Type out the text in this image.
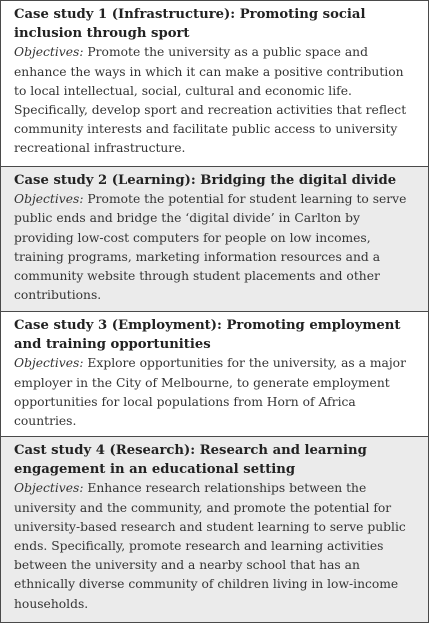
Case study 1 (Infrastructure): Promoting social inclusion through sport

Objectives: Promote the university as a public space and enhance the ways in which it can make a positive contribution to local intellectual, social, cultural and economic life. Specifically, develop sport and recreation activities that reflect community interests and facilitate public access to university recreational infrastructure.

Case study 2 (Learning): Bridging the digital divide

Objectives: Promote the potential for student learning to serve public ends and bridge the ‘digital divide’ in Carlton by providing low-cost computers for people on low incomes, training programs, marketing information resources and a community website through student placements and other contributions.

Case study 3 (Employment): Promoting employment and training opportunities

Objectives: Explore opportunities for the university, as a major employer in the City of Melbourne, to generate employment opportunities for local populations from Horn of Africa countries.

Cast study 4 (Research): Research and learning engagement in an educational setting

Objectives: Enhance research relationships between the university and the community, and promote the potential for university-based research and student learning to serve public ends. Specifically, promote research and learning activities between the university and a nearby school that has an ethnically diverse community of children living in low-income households.
